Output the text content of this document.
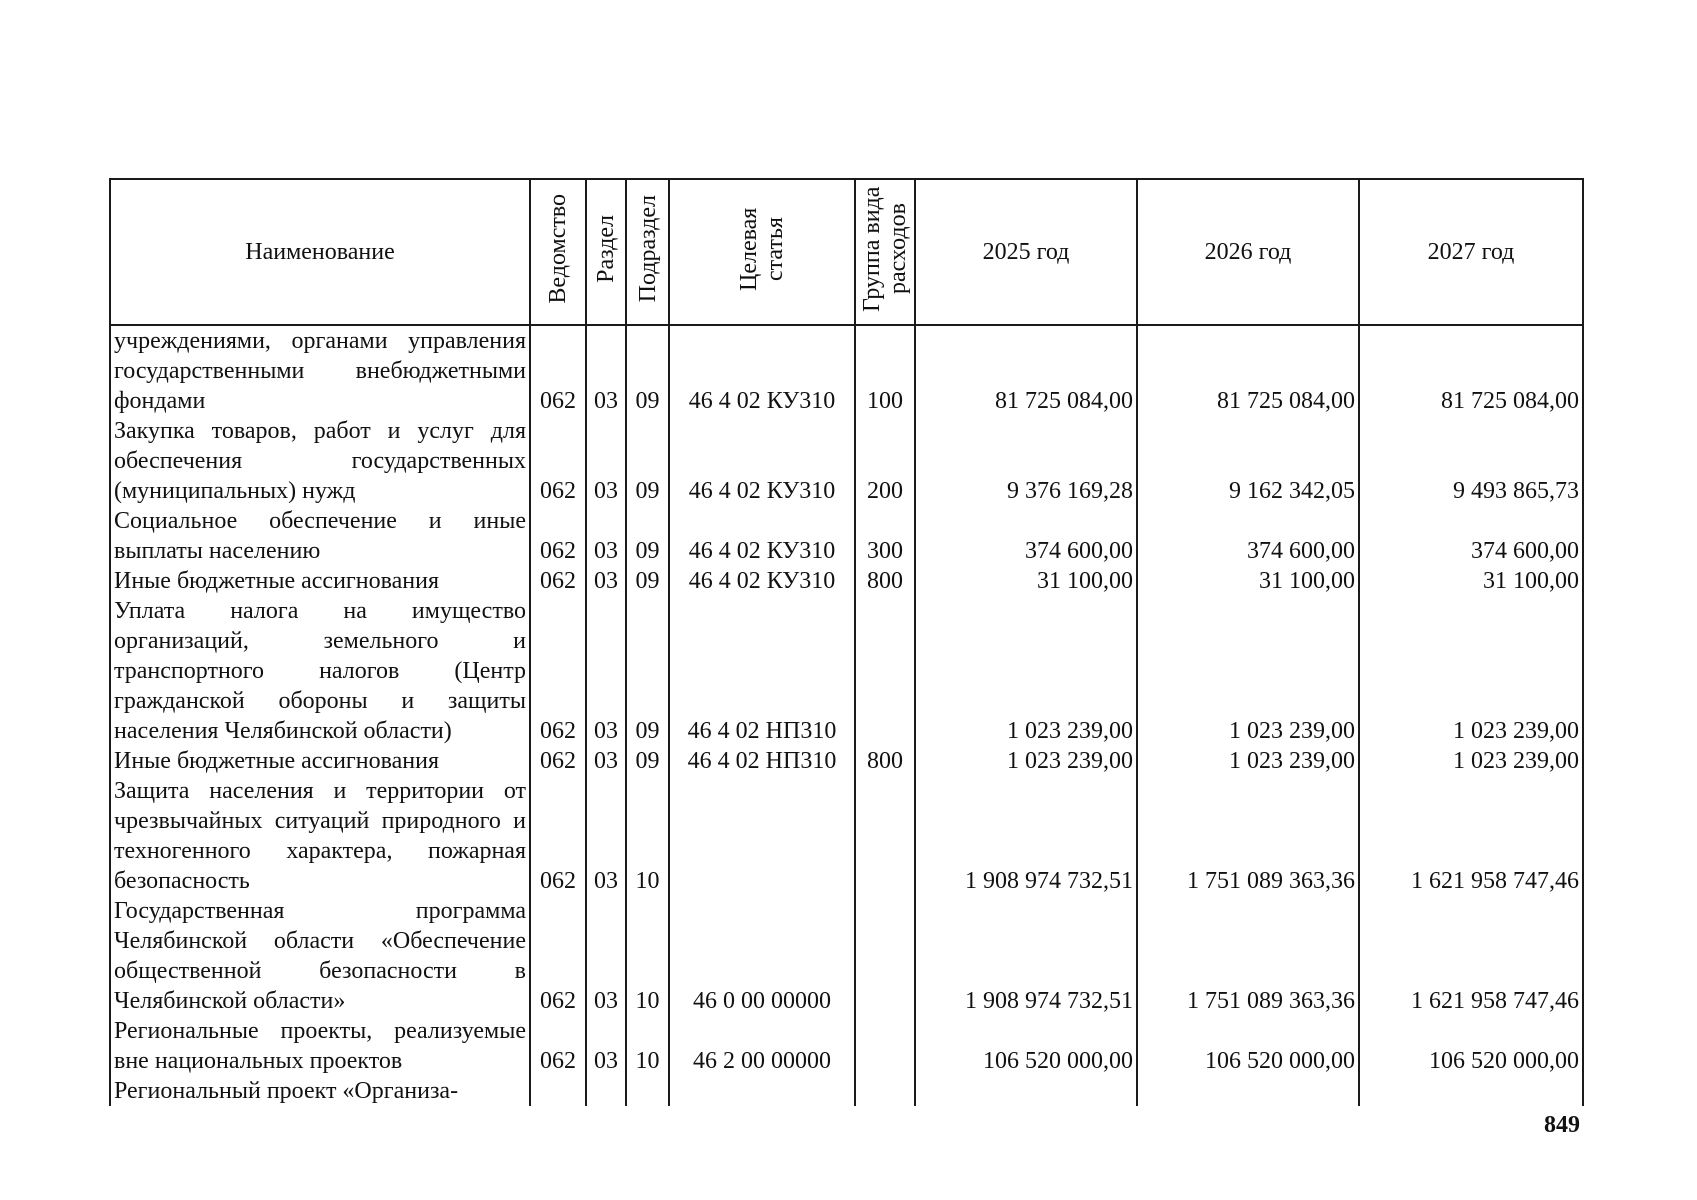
Наименование	Ведомство	Раздел	Подраздел	Целевая статья	Группа вида расходов	2025 год	2026 год	2027 год
учреждениями, органами управления государственными внебюджетными фондами	062	03	09	46 4 02 КУ310	100	81 725 084,00	81 725 084,00	81 725 084,00
Закупка товаров, работ и услуг для обеспечения государственных (муниципальных) нужд	062	03	09	46 4 02 КУ310	200	9 376 169,28	9 162 342,05	9 493 865,73
Социальное обеспечение и иные выплаты населению	062	03	09	46 4 02 КУ310	300	374 600,00	374 600,00	374 600,00
Иные бюджетные ассигнования	062	03	09	46 4 02 КУ310	800	31 100,00	31 100,00	31 100,00
Уплата налога на имущество организаций, земельного и транспортного налогов (Центр гражданской обороны и защиты населения Челябинской области)	062	03	09	46 4 02 НП310		1 023 239,00	1 023 239,00	1 023 239,00
Иные бюджетные ассигнования	062	03	09	46 4 02 НП310	800	1 023 239,00	1 023 239,00	1 023 239,00
Защита населения и территории от чрезвычайных ситуаций природного и техногенного характера, пожарная безопасность	062	03	10			1 908 974 732,51	1 751 089 363,36	1 621 958 747,46
Государственная программа Челябинской области «Обеспечение общественной безопасности в Челябинской области»	062	03	10	46 0 00 00000		1 908 974 732,51	1 751 089 363,36	1 621 958 747,46
Региональные проекты, реализуемые вне национальных проектов	062	03	10	46 2 00 00000		106 520 000,00	106 520 000,00	106 520 000,00
Региональный проект «Организа-								
849
